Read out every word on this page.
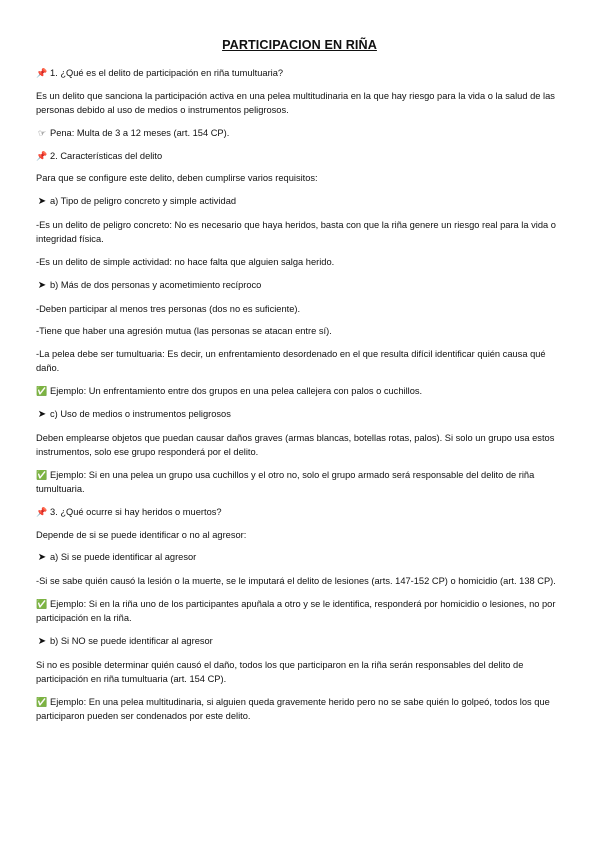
PARTICIPACION EN RIÑA

📌 1. ¿Qué es el delito de participación en riña tumultuaria?

Es un delito que sanciona la participación activa en una pelea multitudinaria en la que hay riesgo para la vida o la salud de las personas debido al uso de medios o instrumentos peligrosos.

☞ Pena: Multa de 3 a 12 meses (art. 154 CP).

📌 2. Características del delito

Para que se configure este delito, deben cumplirse varios requisitos:

➤ a) Tipo de peligro concreto y simple actividad

-Es un delito de peligro concreto: No es necesario que haya heridos, basta con que la riña genere un riesgo real para la vida o integridad física.

-Es un delito de simple actividad: no hace falta que alguien salga herido.

➤ b) Más de dos personas y acometimiento recíproco

-Deben participar al menos tres personas (dos no es suficiente).

-Tiene que haber una agresión mutua (las personas se atacan entre sí).

-La pelea debe ser tumultuaria: Es decir, un enfrentamiento desordenado en el que resulta difícil identificar quién causa qué daño.

✅ Ejemplo: Un enfrentamiento entre dos grupos en una pelea callejera con palos o cuchillos.

➤ c) Uso de medios o instrumentos peligrosos

Deben emplearse objetos que puedan causar daños graves (armas blancas, botellas rotas, palos). Si solo un grupo usa estos instrumentos, solo ese grupo responderá por el delito.

✅ Ejemplo: Si en una pelea un grupo usa cuchillos y el otro no, solo el grupo armado será responsable del delito de riña tumultuaria.

📌 3. ¿Qué ocurre si hay heridos o muertos?

Depende de si se puede identificar o no al agresor:

➤ a) Si se puede identificar al agresor

-Si se sabe quién causó la lesión o la muerte, se le imputará el delito de lesiones (arts. 147-152 CP) o homicidio (art. 138 CP).

✅ Ejemplo: Si en la riña uno de los participantes apuñala a otro y se le identifica, responderá por homicidio o lesiones, no por participación en la riña.

➤ b) Si NO se puede identificar al agresor

Si no es posible determinar quién causó el daño, todos los que participaron en la riña serán responsables del delito de participación en riña tumultuaria (art. 154 CP).

✅ Ejemplo: En una pelea multitudinaria, si alguien queda gravemente herido pero no se sabe quién lo golpeó, todos los que participaron pueden ser condenados por este delito.
